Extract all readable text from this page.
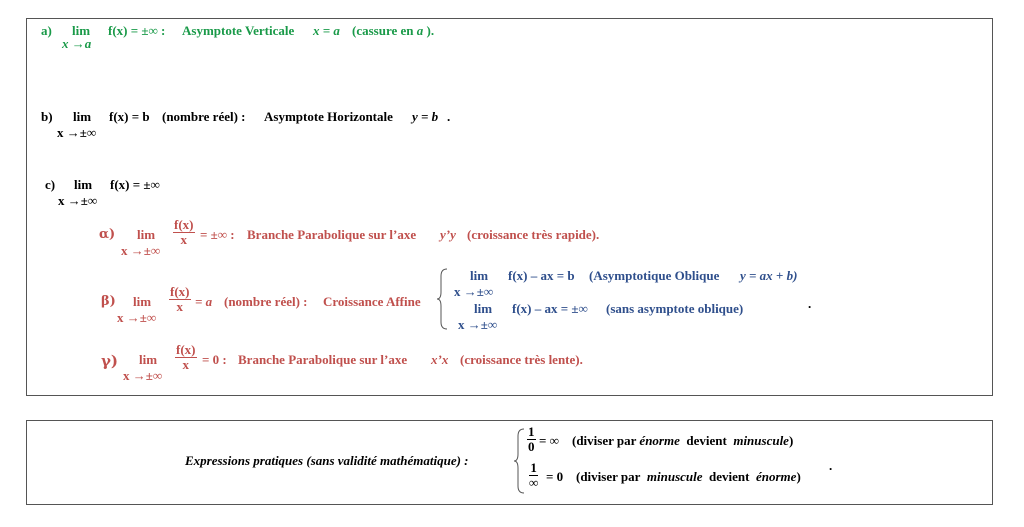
a) lim
x →a
f(x) = ±∞ : Asymptote Verticale x = a (cassure en a ).
b) lim
x →±∞
f(x) = b (nombre réel) : Asymptote Horizontale y = b .
c) lim
x →±∞
f(x) = ±∞
α) lim
x →±∞
$\frac{f(x)}{x}$ = ±∞ : Branche Parabolique sur l’axe y’y (croissance très rapide).
β) lim
x →±∞
$\frac{f(x)}{x} = a$ (nombre réel) : Croissance Affine
lim
x →±∞
f(x) – ax = b (Asymptotique Oblique y = ax + b)
lim
x →±∞
f(x) – ax = ±∞ (sans asymptote oblique)	.
γ) lim
x →±∞
$\frac{f(x)}{x} = 0$ : Branche Parabolique sur l’axe x’x (croissance très lente).
Expressions pratiques (sans validité mathématique) :
$\frac{1}{0}$ = ∞ (diviser par énorme devient minuscule)
1
∞ = 0 (diviser par minuscule devient énorme)
.
